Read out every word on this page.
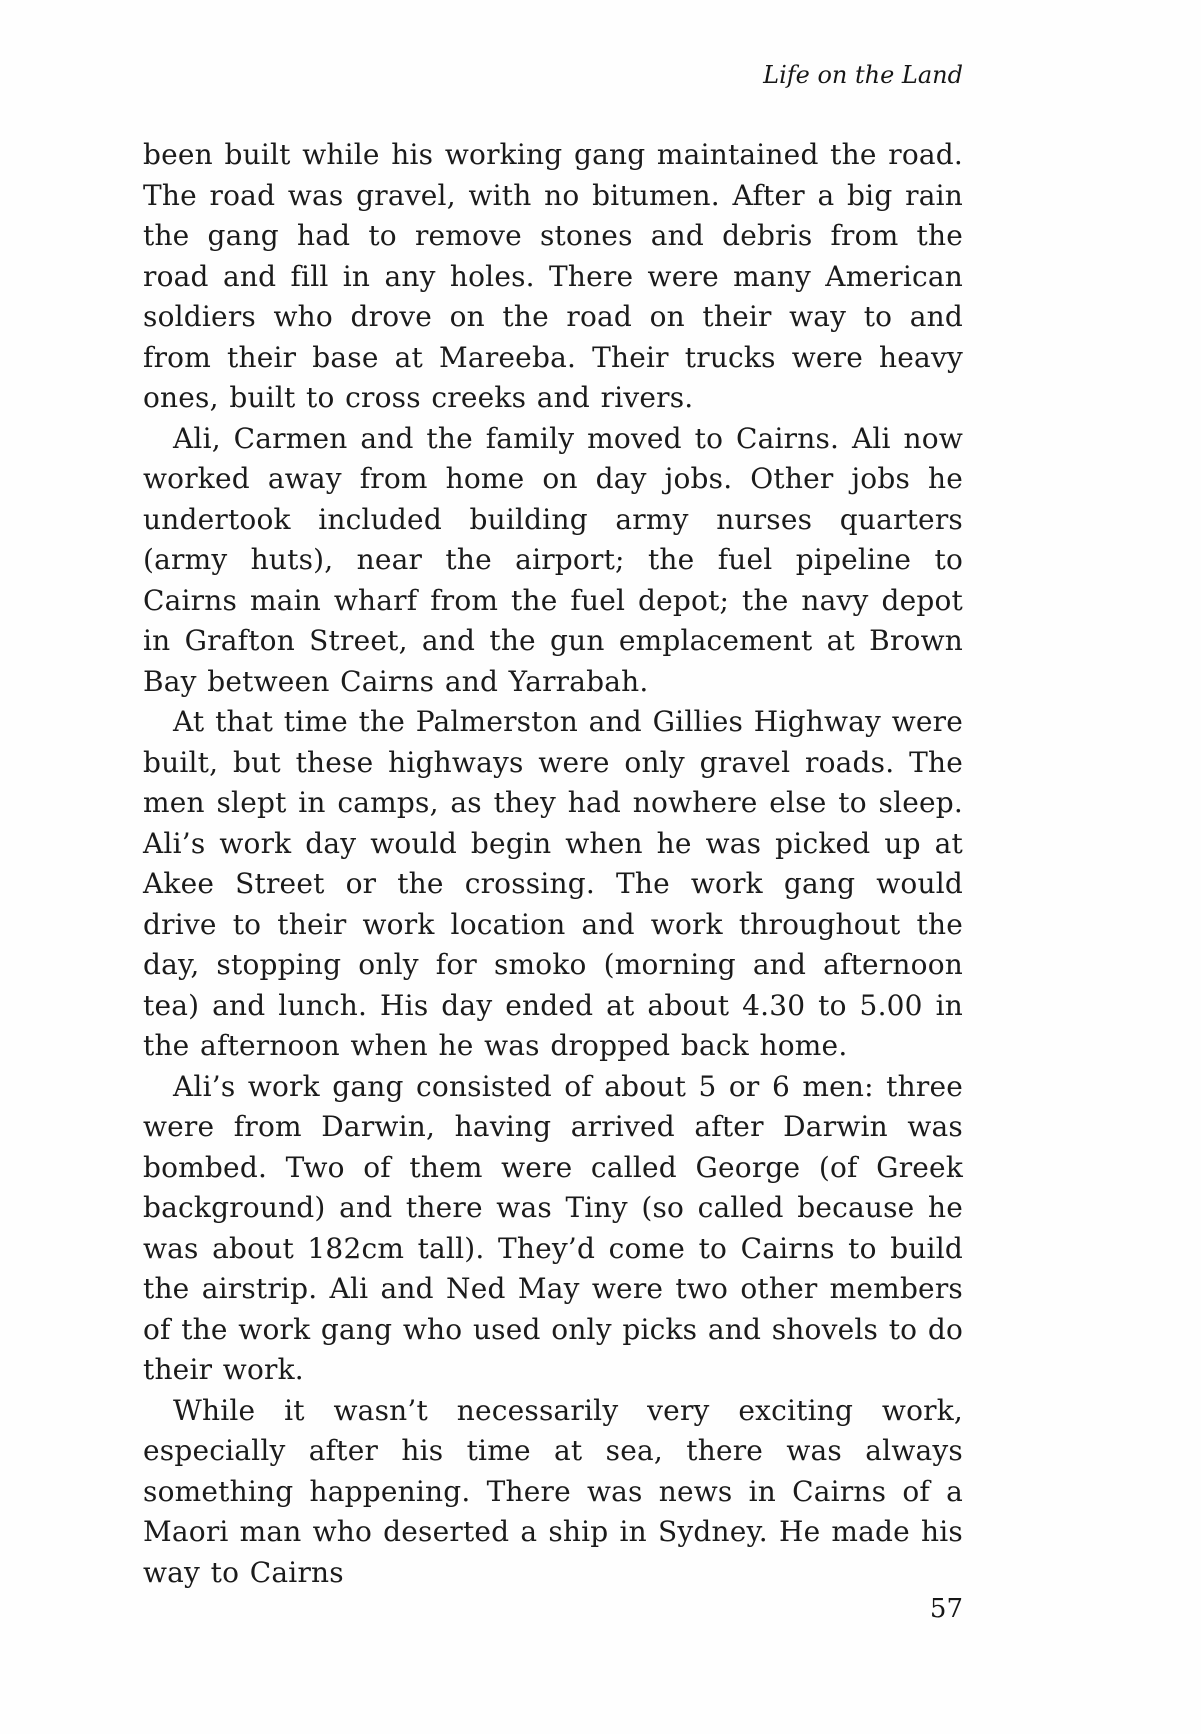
Life on the Land

been built while his working gang maintained the road. The road was gravel, with no bitumen. After a big rain the gang had to remove stones and debris from the road and fill in any holes. There were many American soldiers who drove on the road on their way to and from their base at Mareeba. Their trucks were heavy ones, built to cross creeks and rivers.

Ali, Carmen and the family moved to Cairns. Ali now worked away from home on day jobs. Other jobs he undertook included building army nurses quarters (army huts), near the airport; the fuel pipeline to Cairns main wharf from the fuel depot; the navy depot in Grafton Street, and the gun emplacement at Brown Bay between Cairns and Yarrabah.

At that time the Palmerston and Gillies Highway were built, but these highways were only gravel roads. The men slept in camps, as they had nowhere else to sleep. Ali’s work day would begin when he was picked up at Akee Street or the crossing. The work gang would drive to their work location and work throughout the day, stopping only for smoko (morning and afternoon tea) and lunch. His day ended at about 4.30 to 5.00 in the afternoon when he was dropped back home.

Ali’s work gang consisted of about 5 or 6 men: three were from Darwin, having arrived after Darwin was bombed. Two of them were called George (of Greek background) and there was Tiny (so called because he was about 182cm tall). They’d come to Cairns to build the airstrip. Ali and Ned May were two other members of the work gang who used only picks and shovels to do their work.

While it wasn’t necessarily very exciting work, especially after his time at sea, there was always something happening. There was news in Cairns of a Maori man who deserted a ship in Sydney. He made his way to Cairns

57
